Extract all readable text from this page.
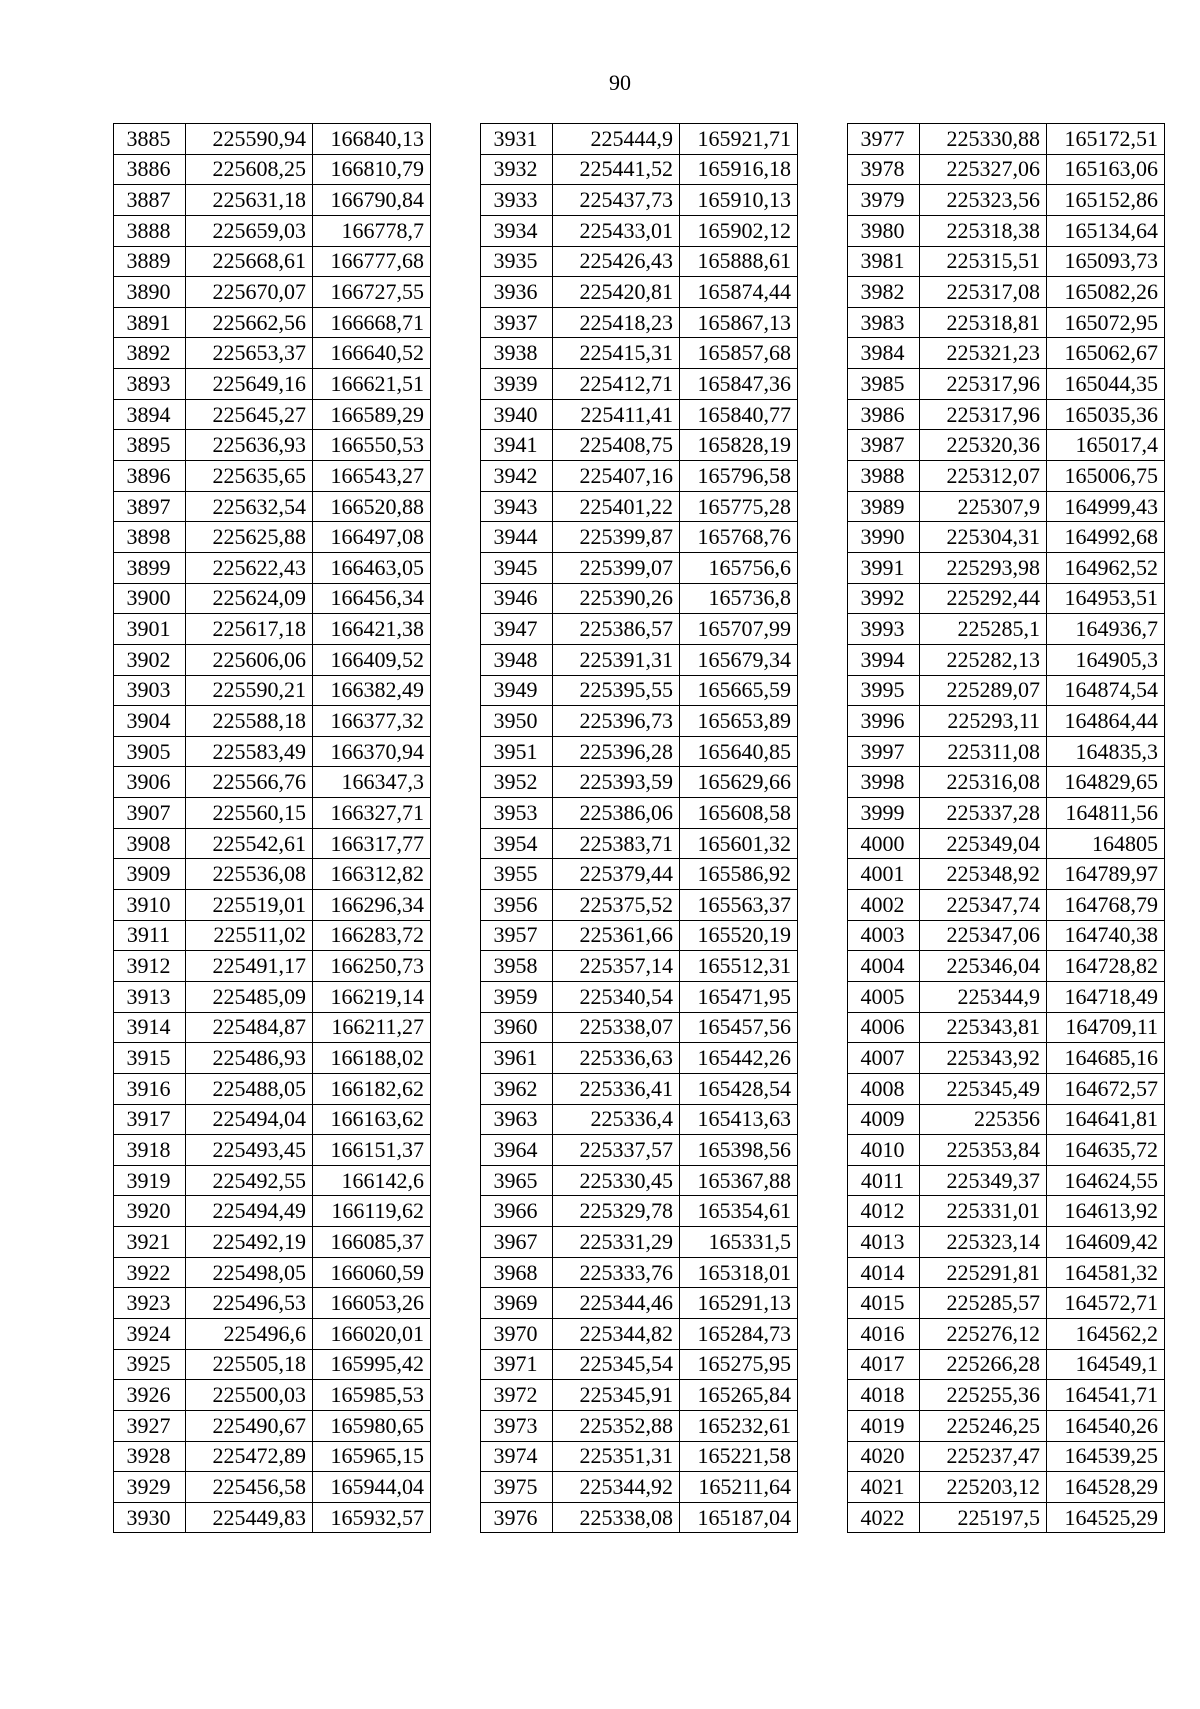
90
3885	225590,94	166840,13
3886	225608,25	166810,79
3887	225631,18	166790,84
3888	225659,03	166778,7
3889	225668,61	166777,68
3890	225670,07	166727,55
3891	225662,56	166668,71
3892	225653,37	166640,52
3893	225649,16	166621,51
3894	225645,27	166589,29
3895	225636,93	166550,53
3896	225635,65	166543,27
3897	225632,54	166520,88
3898	225625,88	166497,08
3899	225622,43	166463,05
3900	225624,09	166456,34
3901	225617,18	166421,38
3902	225606,06	166409,52
3903	225590,21	166382,49
3904	225588,18	166377,32
3905	225583,49	166370,94
3906	225566,76	166347,3
3907	225560,15	166327,71
3908	225542,61	166317,77
3909	225536,08	166312,82
3910	225519,01	166296,34
3911	225511,02	166283,72
3912	225491,17	166250,73
3913	225485,09	166219,14
3914	225484,87	166211,27
3915	225486,93	166188,02
3916	225488,05	166182,62
3917	225494,04	166163,62
3918	225493,45	166151,37
3919	225492,55	166142,6
3920	225494,49	166119,62
3921	225492,19	166085,37
3922	225498,05	166060,59
3923	225496,53	166053,26
3924	225496,6	166020,01
3925	225505,18	165995,42
3926	225500,03	165985,53
3927	225490,67	165980,65
3928	225472,89	165965,15
3929	225456,58	165944,04
3930	225449,83	165932,57
3931	225444,9	165921,71
3932	225441,52	165916,18
3933	225437,73	165910,13
3934	225433,01	165902,12
3935	225426,43	165888,61
3936	225420,81	165874,44
3937	225418,23	165867,13
3938	225415,31	165857,68
3939	225412,71	165847,36
3940	225411,41	165840,77
3941	225408,75	165828,19
3942	225407,16	165796,58
3943	225401,22	165775,28
3944	225399,87	165768,76
3945	225399,07	165756,6
3946	225390,26	165736,8
3947	225386,57	165707,99
3948	225391,31	165679,34
3949	225395,55	165665,59
3950	225396,73	165653,89
3951	225396,28	165640,85
3952	225393,59	165629,66
3953	225386,06	165608,58
3954	225383,71	165601,32
3955	225379,44	165586,92
3956	225375,52	165563,37
3957	225361,66	165520,19
3958	225357,14	165512,31
3959	225340,54	165471,95
3960	225338,07	165457,56
3961	225336,63	165442,26
3962	225336,41	165428,54
3963	225336,4	165413,63
3964	225337,57	165398,56
3965	225330,45	165367,88
3966	225329,78	165354,61
3967	225331,29	165331,5
3968	225333,76	165318,01
3969	225344,46	165291,13
3970	225344,82	165284,73
3971	225345,54	165275,95
3972	225345,91	165265,84
3973	225352,88	165232,61
3974	225351,31	165221,58
3975	225344,92	165211,64
3976	225338,08	165187,04
3977	225330,88	165172,51
3978	225327,06	165163,06
3979	225323,56	165152,86
3980	225318,38	165134,64
3981	225315,51	165093,73
3982	225317,08	165082,26
3983	225318,81	165072,95
3984	225321,23	165062,67
3985	225317,96	165044,35
3986	225317,96	165035,36
3987	225320,36	165017,4
3988	225312,07	165006,75
3989	225307,9	164999,43
3990	225304,31	164992,68
3991	225293,98	164962,52
3992	225292,44	164953,51
3993	225285,1	164936,7
3994	225282,13	164905,3
3995	225289,07	164874,54
3996	225293,11	164864,44
3997	225311,08	164835,3
3998	225316,08	164829,65
3999	225337,28	164811,56
4000	225349,04	164805
4001	225348,92	164789,97
4002	225347,74	164768,79
4003	225347,06	164740,38
4004	225346,04	164728,82
4005	225344,9	164718,49
4006	225343,81	164709,11
4007	225343,92	164685,16
4008	225345,49	164672,57
4009	225356	164641,81
4010	225353,84	164635,72
4011	225349,37	164624,55
4012	225331,01	164613,92
4013	225323,14	164609,42
4014	225291,81	164581,32
4015	225285,57	164572,71
4016	225276,12	164562,2
4017	225266,28	164549,1
4018	225255,36	164541,71
4019	225246,25	164540,26
4020	225237,47	164539,25
4021	225203,12	164528,29
4022	225197,5	164525,29
